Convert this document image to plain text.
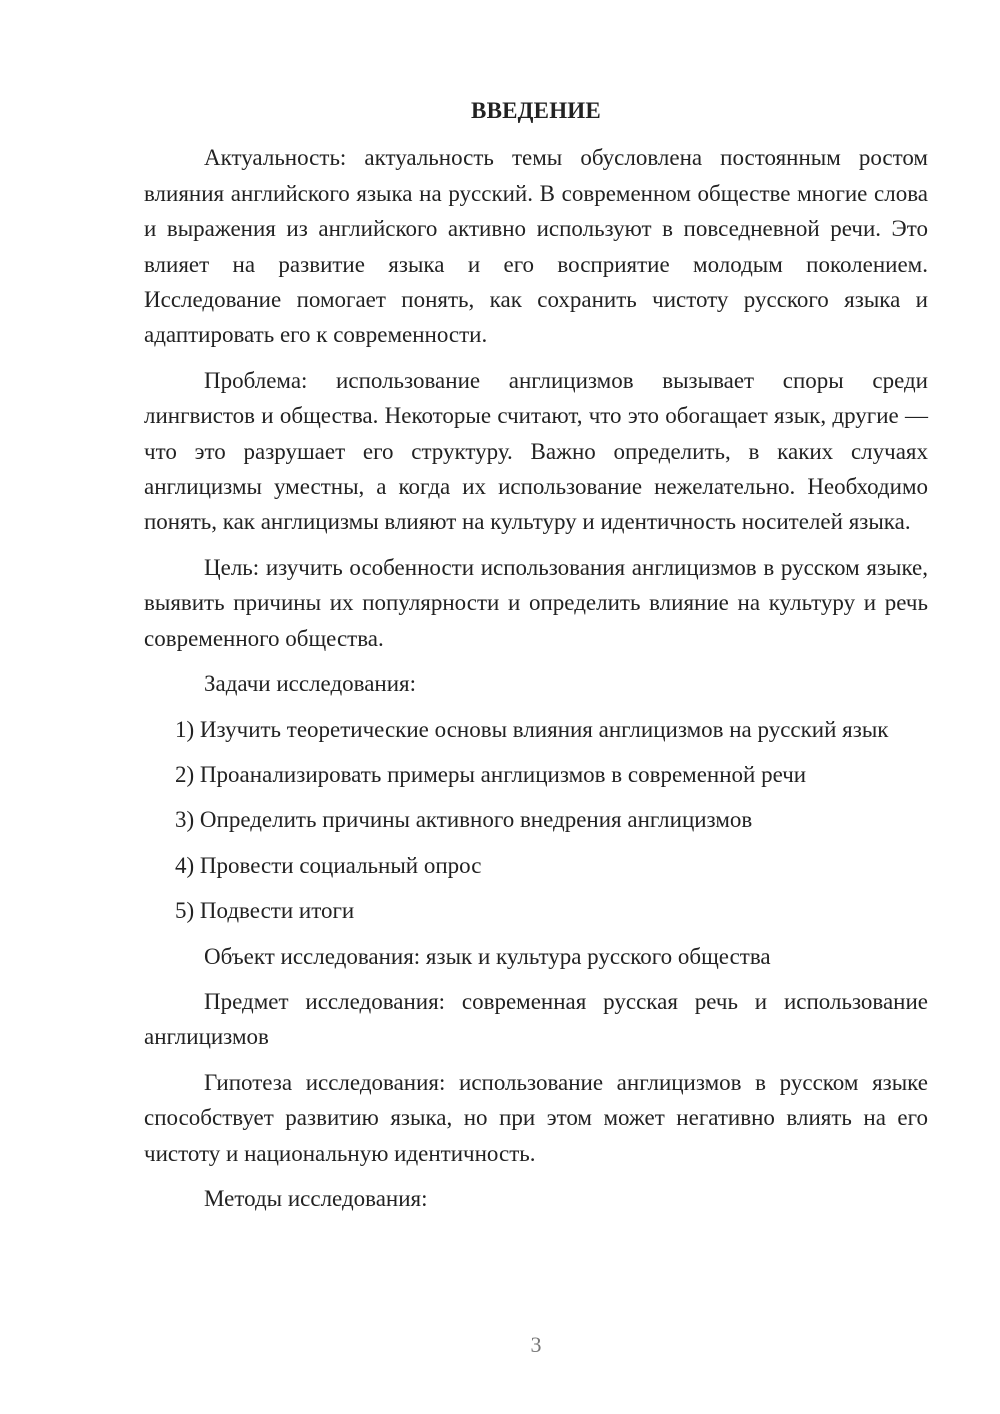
ВВЕДЕНИЕ

Актуальность: актуальность темы обусловлена постоянным ростом влияния английского языка на русский. В современном обществе многие слова и выражения из английского активно используют в повседневной речи. Это влияет на развитие языка и его восприятие молодым поколением. Исследование помогает понять, как сохранить чистоту русского языка и адаптировать его к современности.

Проблема: использование англицизмов вызывает споры среди лингвистов и общества. Некоторые считают, что это обогащает язык, другие — что это разрушает его структуру. Важно определить, в каких случаях англицизмы уместны, а когда их использование нежелательно. Необходимо понять, как англицизмы влияют на культуру и идентичность носителей языка.

Цель: изучить особенности использования англицизмов в русском языке, выявить причины их популярности и определить влияние на культуру и речь современного общества.

Задачи исследования:

1) Изучить теоретические основы влияния англицизмов на русский язык

2) Проанализировать примеры англицизмов в современной речи

3) Определить причины активного внедрения англицизмов

4) Провести социальный опрос

5) Подвести итоги

Объект исследования: язык и культура русского общества

Предмет исследования: современная русская речь и использование англицизмов

Гипотеза исследования: использование англицизмов в русском языке способствует развитию языка, но при этом может негативно влиять на его чистоту и национальную идентичность.

Методы исследования:

3
